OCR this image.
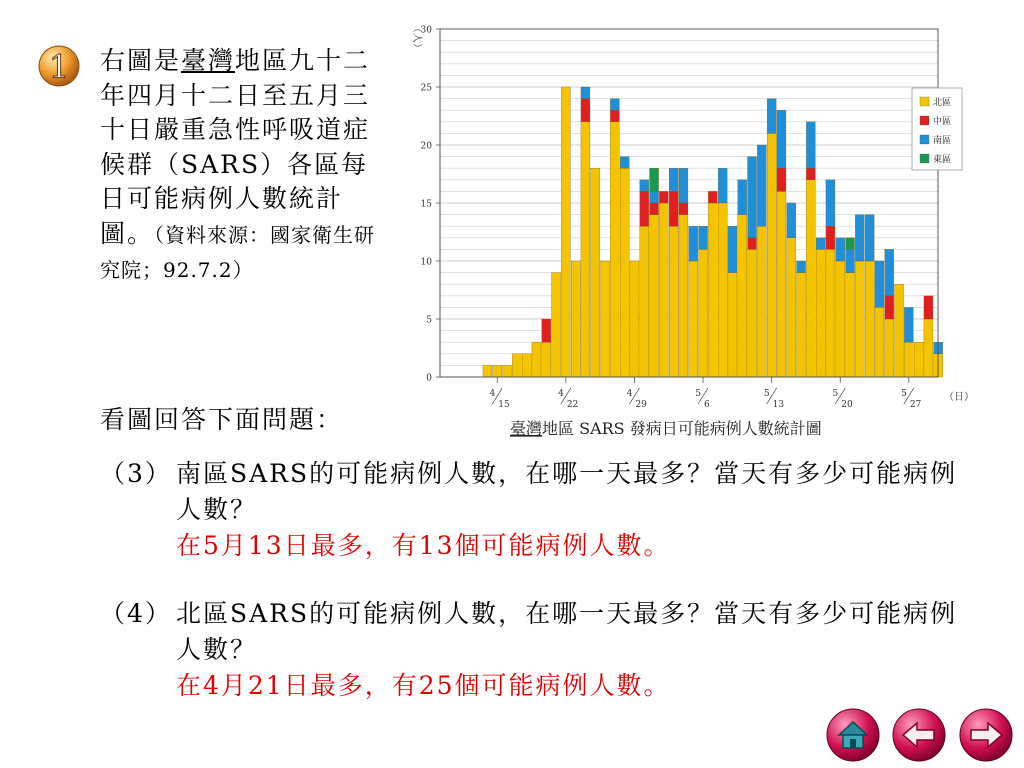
1 右圖是臺灣地區九十二年四月十二日至五月三十日嚴重急性呼吸道症候群（SARS）各區每日可能病例人數統計圖。（資料來源：國家衛生研究院；92.7.2）
0
5
10
15
20
25
30
4
15
4
22
4
29
5
6
5
13
5
20
5
27
（人）
（日）
北區
中區
南區
東區
臺灣地區 SARS 發病日可能病例人數統計圖
看圖回答下面問題：
（3） 南區SARS的可能病例人數，在哪一天最多？當天有多少可能病例人數？
在5月13日最多，有13個可能病例人數。
（4） 北區SARS的可能病例人數，在哪一天最多？當天有多少可能病例人數？
在4月21日最多，有25個可能病例人數。
